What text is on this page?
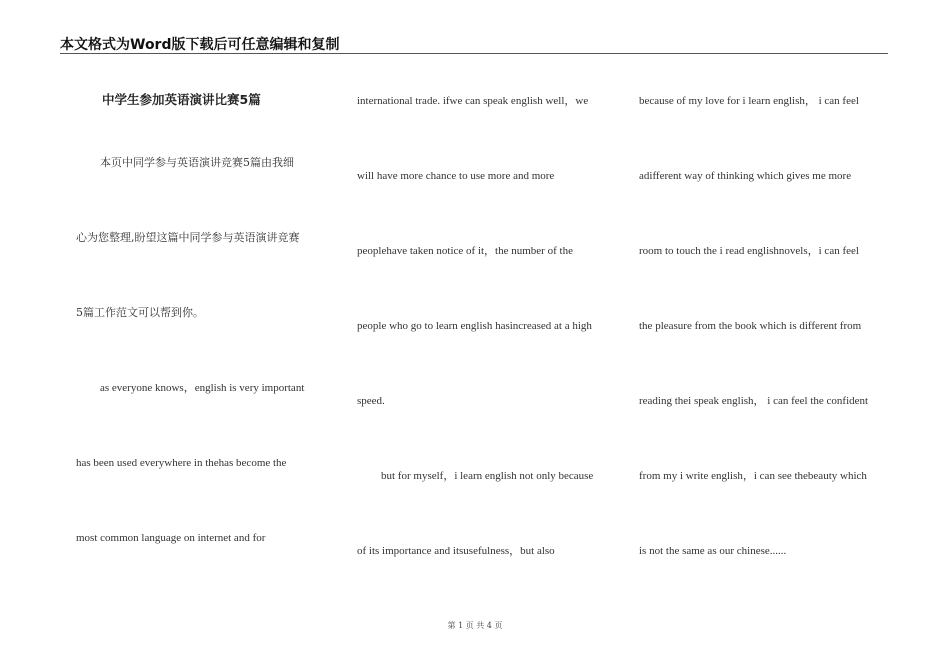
本文格式为Word版下载后可任意编辑和复制
中学生参加英语演讲比赛5篇
本页中同学参与英语演讲竞赛5篇由我细
心为您整理,盼望这篇中同学参与英语演讲竞赛
5篇工作范文可以帮到你。
as everyone knows，english is very important
has been used everywhere in thehas become the
most common language on internet and for
international trade. ifwe can speak english well，we
will have more chance to use more and more
peoplehave taken notice of it，the number of the
people who go to learn english hasincreased at a high
speed.
but for myself，i learn english not only because
of its importance and itsusefulness，but also
because of my love for i learn english， i can feel
adifferent way of thinking which gives me more
room to touch the i read englishnovels，i can feel
the pleasure from the book which is different from
reading thei speak english， i can feel the confident
from my i write english，i can see thebeauty which
is not the same as our chinese......
第 1 页 共 4 页
